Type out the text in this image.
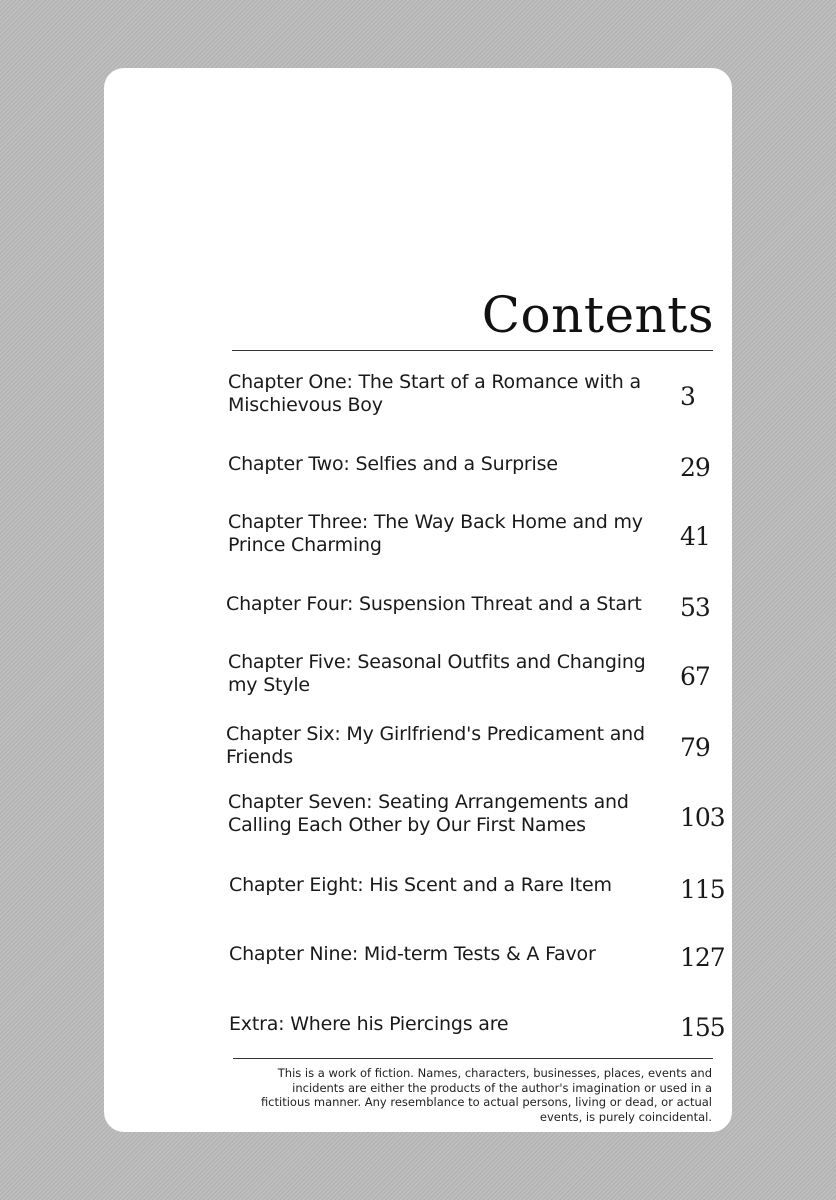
Contents
Chapter One: The Start of a Romance with a Mischievous Boy	3
Chapter Two: Selfies and a Surprise	29
Chapter Three: The Way Back Home and my Prince Charming	41
Chapter Four: Suspension Threat and a Start	53
Chapter Five: Seasonal Outfits and Changing my Style	67
Chapter Six: My Girlfriend's Predicament and Friends	79
Chapter Seven: Seating Arrangements and Calling Each Other by Our First Names	103
Chapter Eight: His Scent and a Rare Item	115
Chapter Nine: Mid-term Tests & A Favor	127
Extra: Where his Piercings are	155
This is a work of fiction. Names, characters, businesses, places, events and incidents are either the products of the author's imagination or used in a fictitious manner. Any resemblance to actual persons, living or dead, or actual events, is purely coincidental.
